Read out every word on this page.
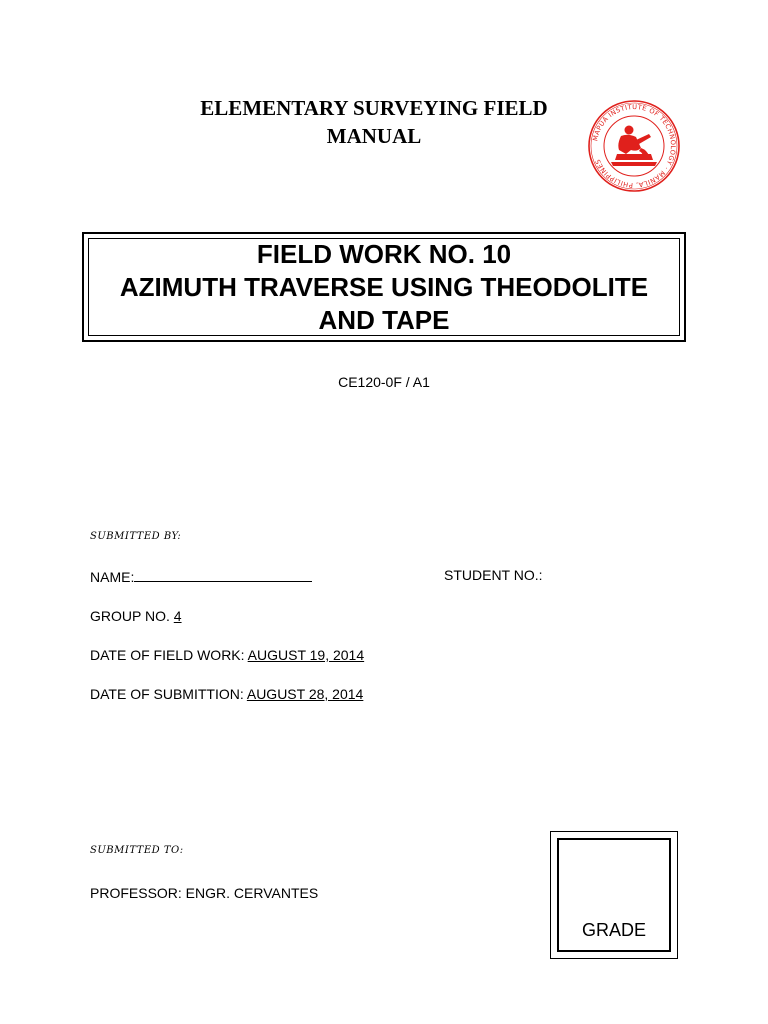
ELEMENTARY SURVEYING FIELD
MANUAL	MAPÚA INSTITUTE OF TECHNOLOGY · MANILA, PHILIPPINES
FIELD WORK NO. 10
AZIMUTH TRAVERSE USING THEODOLITE
AND TAPE
CE120-0F / A1
SUBMITTED BY:
NAME:	STUDENT NO.:
GROUP NO. 4
DATE OF FIELD WORK: AUGUST 19, 2014
DATE OF SUBMITTION: AUGUST 28, 2014
SUBMITTED TO:
PROFESSOR: ENGR. CERVANTES
GRADE
